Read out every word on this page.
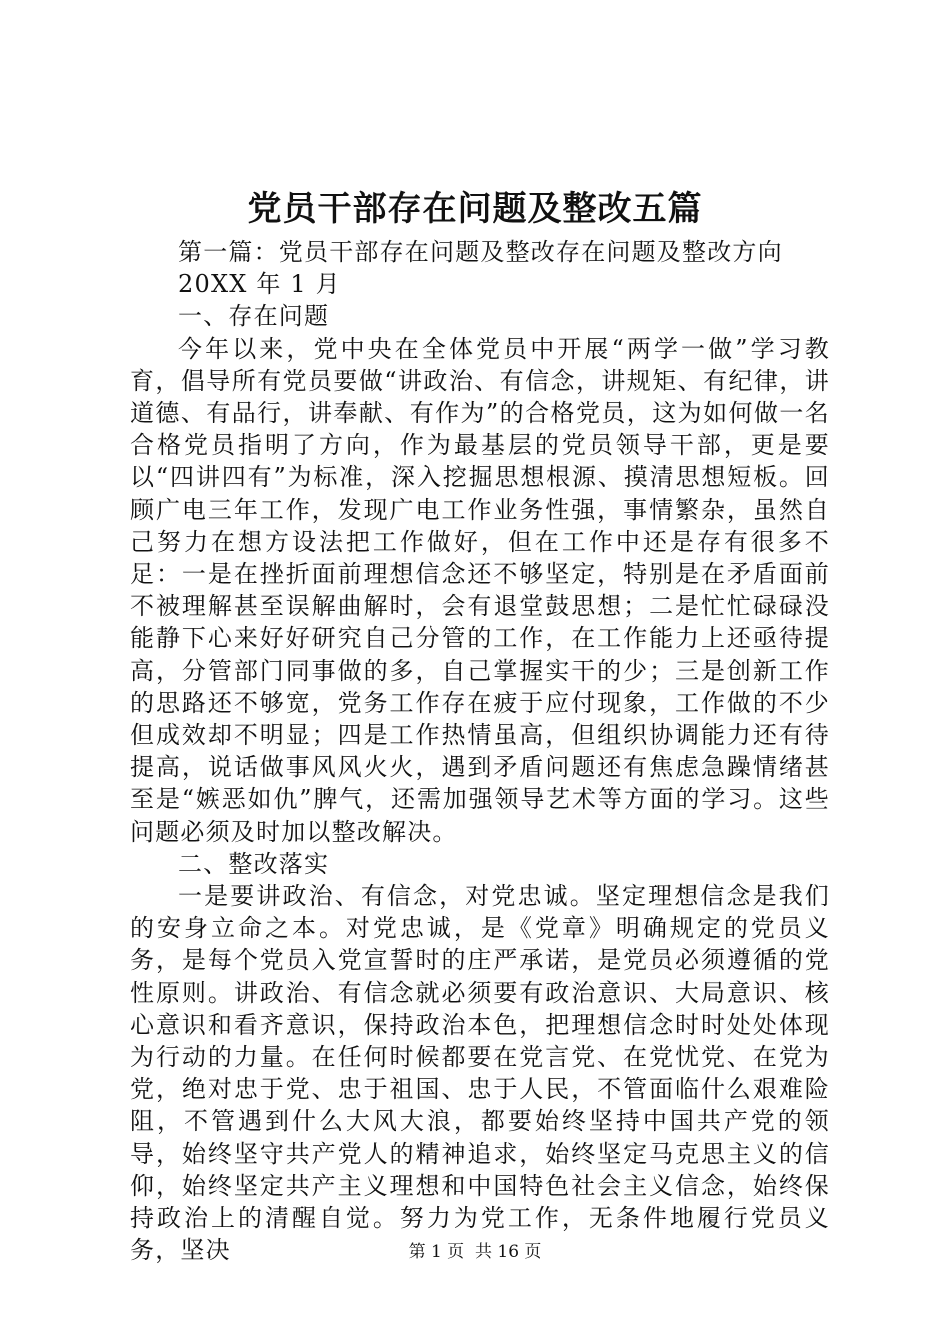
党员干部存在问题及整改五篇

第一篇：党员干部存在问题及整改存在问题及整改方向

20XX 年 1 月

一、存在问题

今年以来，党中央在全体党员中开展“两学一做”学习教育，倡导所有党员要做“讲政治、有信念，讲规矩、有纪律，讲道德、有品行，讲奉献、有作为”的合格党员，这为如何做一名合格党员指明了方向，作为最基层的党员领导干部，更是要以“四讲四有”为标准，深入挖掘思想根源、摸清思想短板。回顾广电三年工作，发现广电工作业务性强，事情繁杂，虽然自己努力在想方设法把工作做好，但在工作中还是存有很多不足：一是在挫折面前理想信念还不够坚定，特别是在矛盾面前不被理解甚至误解曲解时，会有退堂鼓思想；二是忙忙碌碌没能静下心来好好研究自己分管的工作，在工作能力上还亟待提高，分管部门同事做的多，自己掌握实干的少；三是创新工作的思路还不够宽，党务工作存在疲于应付现象，工作做的不少但成效却不明显；四是工作热情虽高，但组织协调能力还有待提高，说话做事风风火火，遇到矛盾问题还有焦虑急躁情绪甚至是“嫉恶如仇”脾气，还需加强领导艺术等方面的学习。这些问题必须及时加以整改解决。

二、整改落实

一是要讲政治、有信念，对党忠诚。坚定理想信念是我们的安身立命之本。对党忠诚，是《党章》明确规定的党员义务，是每个党员入党宣誓时的庄严承诺，是党员必须遵循的党性原则。讲政治、有信念就必须要有政治意识、大局意识、核心意识和看齐意识，保持政治本色，把理想信念时时处处体现为行动的力量。在任何时候都要在党言党、在党忧党、在党为党，绝对忠于党、忠于祖国、忠于人民，不管面临什么艰难险阻，不管遇到什么大风大浪，都要始终坚持中国共产党的领导，始终坚守共产党人的精神追求，始终坚定马克思主义的信仰，始终坚定共产主义理想和中国特色社会主义信念，始终保持政治上的清醒自觉。努力为党工作，无条件地履行党员义务，坚决	第 1 页  共 16 页
